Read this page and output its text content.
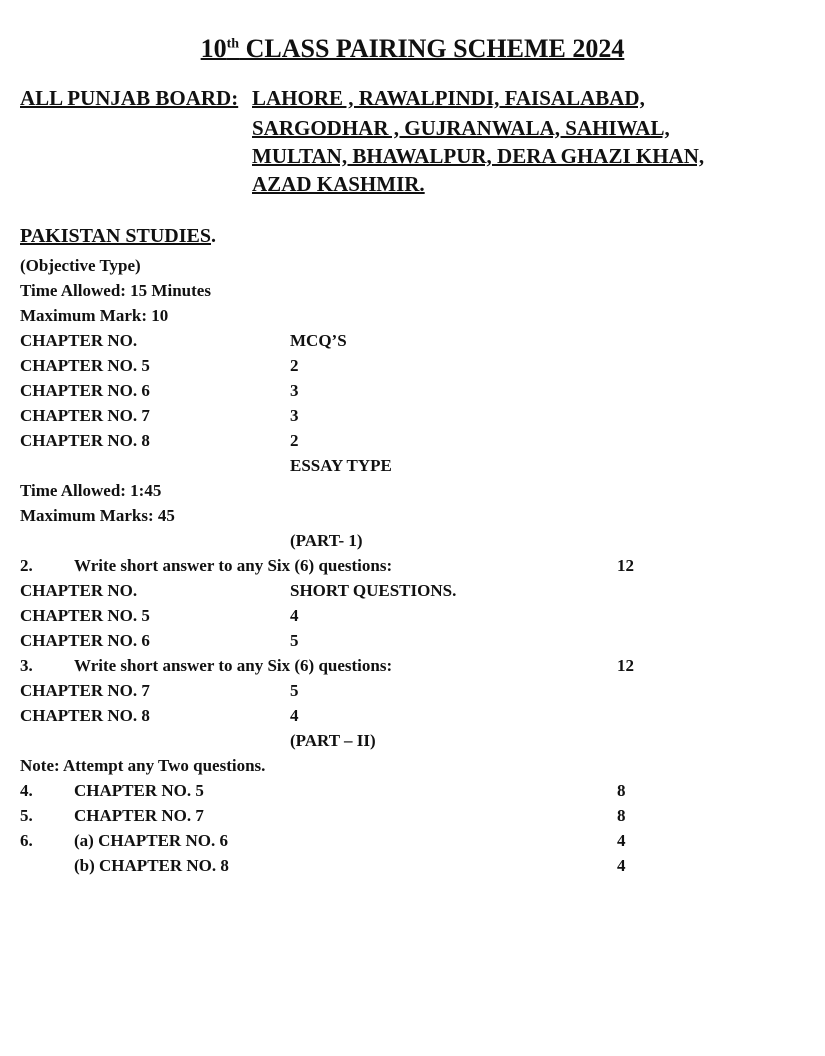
10th CLASS PAIRING SCHEME 2024
ALL PUNJAB BOARD: LAHORE , RAWALPINDI, FAISALABAD,
SARGODHAR , GUJRANWALA, SAHIWAL,
MULTAN, BHAWALPUR, DERA GHAZI KHAN,
AZAD KASHMIR.
PAKISTAN STUDIES.
(Objective Type)
Time Allowed: 15 Minutes
Maximum Mark: 10
CHAPTER NO.	MCQ’S
CHAPTER NO. 5	2
CHAPTER NO. 6	3
CHAPTER NO. 7	3
CHAPTER NO. 8	2
ESSAY TYPE
Time Allowed: 1:45
Maximum Marks: 45
(PART- 1)
2. Write short answer to any Six (6) questions:	12
CHAPTER NO.	SHORT QUESTIONS.
CHAPTER NO. 5	4
CHAPTER NO. 6	5
3. Write short answer to any Six (6) questions:	12
CHAPTER NO. 7	5
CHAPTER NO. 8	4
(PART – II)
Note: Attempt any Two questions.
4. CHAPTER NO. 5	8
5. CHAPTER NO. 7	8
6. (a) CHAPTER NO. 6	4
(b) CHAPTER NO. 8	4
